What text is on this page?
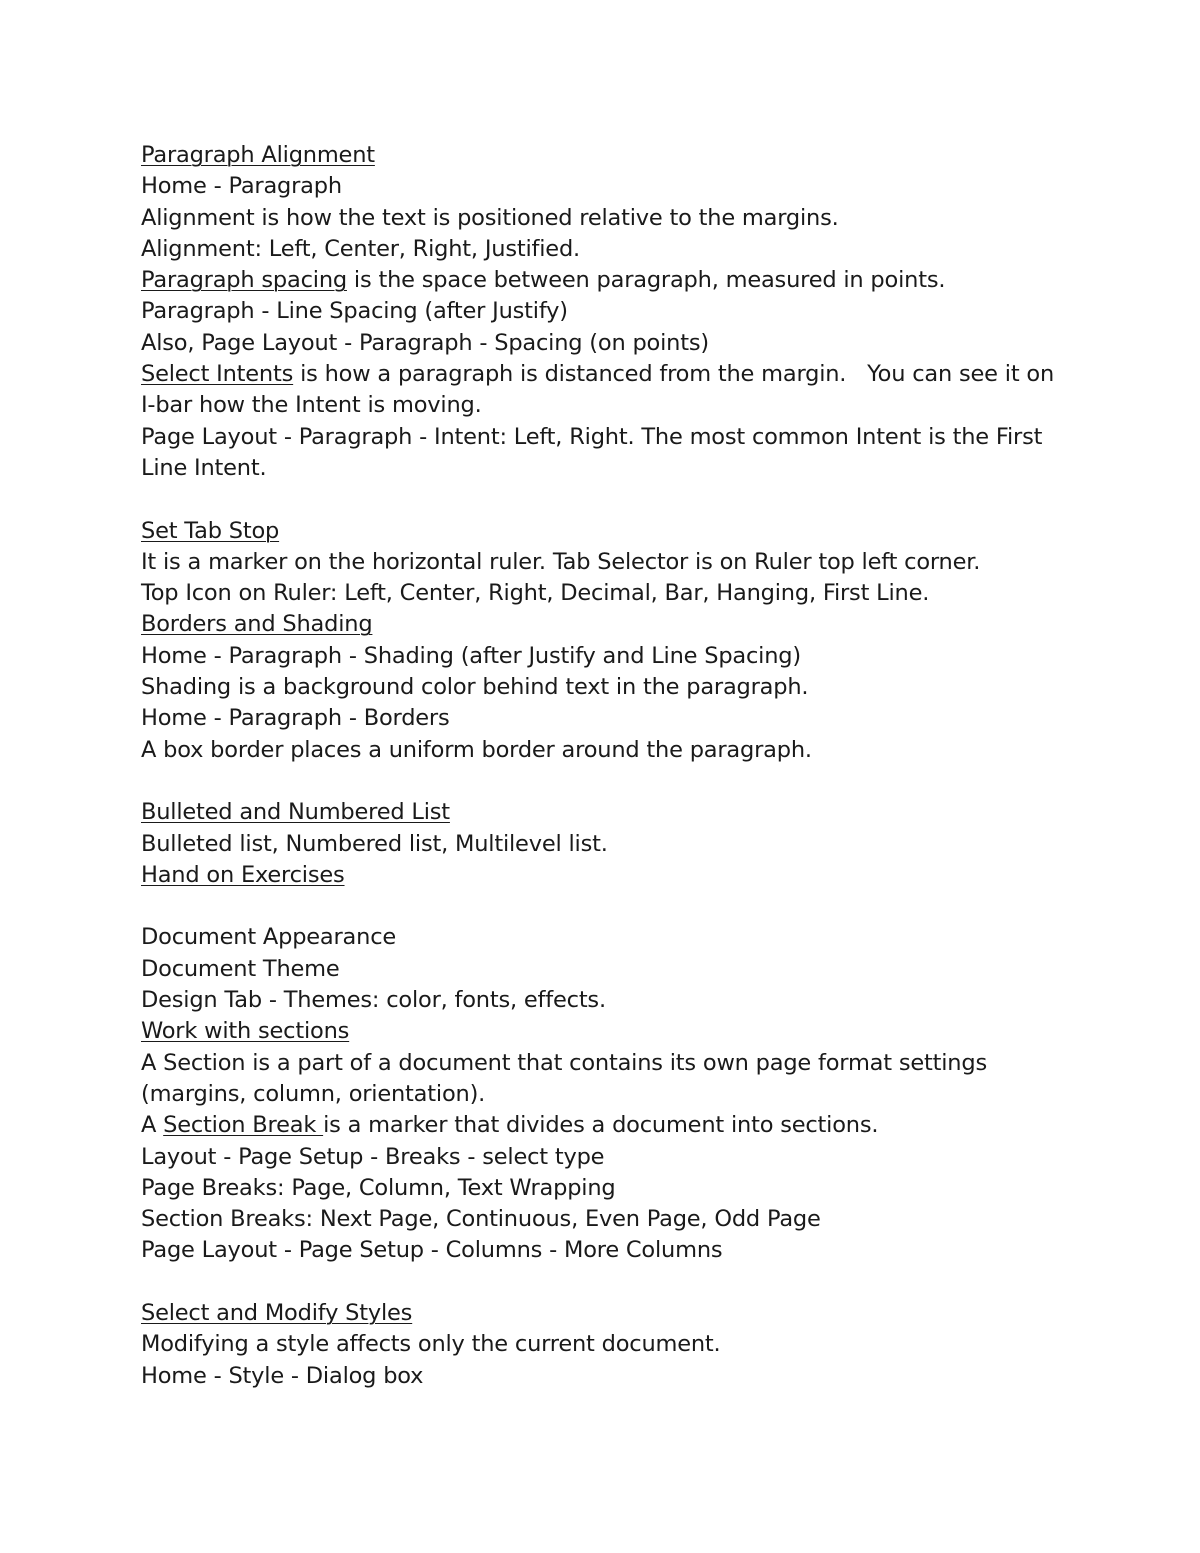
Paragraph Alignment
Home - Paragraph
Alignment is how the text is positioned relative to the margins.
Alignment: Left, Center, Right, Justified.
Paragraph spacing is the space between paragraph, measured in points.
Paragraph - Line Spacing (after Justify)
Also, Page Layout - Paragraph - Spacing (on points)
Select Intents is how a paragraph is distanced from the margin.   You can see it on I-bar how the Intent is moving.
Page Layout - Paragraph - Intent: Left, Right. The most common Intent is the First Line Intent.
Set Tab Stop
It is a marker on the horizontal ruler. Tab Selector is on Ruler top left corner.
Top Icon on Ruler: Left, Center, Right, Decimal, Bar, Hanging, First Line.
Borders and Shading
Home - Paragraph - Shading (after Justify and Line Spacing)
Shading is a background color behind text in the paragraph.
Home - Paragraph - Borders
A box border places a uniform border around the paragraph.
Bulleted and Numbered List
Bulleted list, Numbered list, Multilevel list.
Hand on Exercises
Document Appearance
Document Theme
Design Tab - Themes: color, fonts, effects.
Work with sections
A Section is a part of a document that contains its own page format settings (margins, column, orientation).
A Section Break is a marker that divides a document into sections.
Layout - Page Setup - Breaks - select type
Page Breaks: Page, Column, Text Wrapping
Section Breaks: Next Page, Continuous, Even Page, Odd Page
Page Layout - Page Setup - Columns - More Columns
Select and Modify Styles
Modifying a style affects only the current document.
Home - Style - Dialog box
